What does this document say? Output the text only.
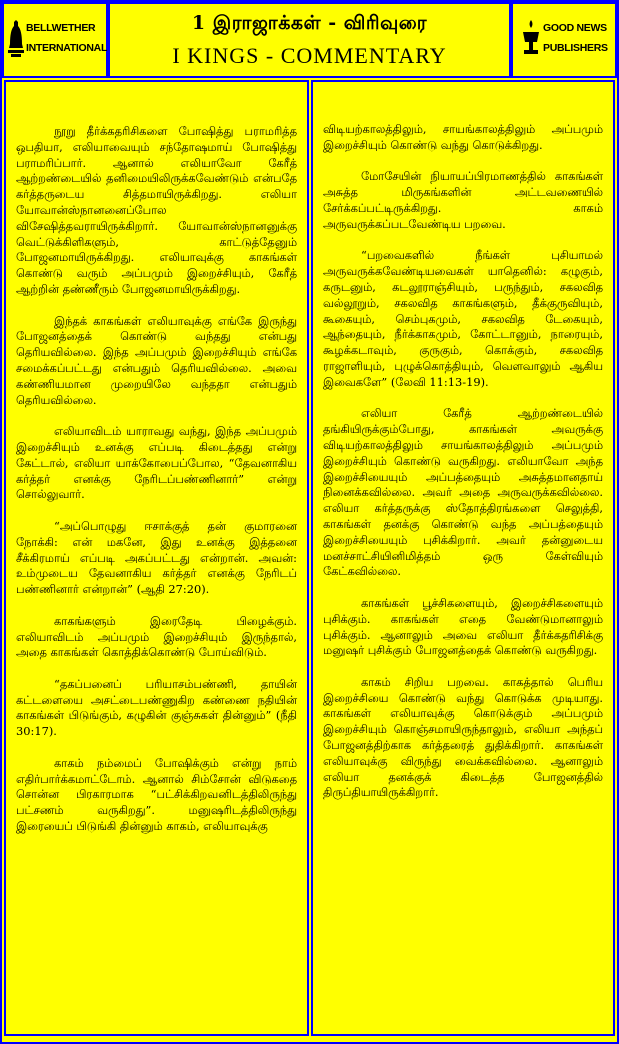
BELLWETHER
INTERNATIONAL
1 இராஜாக்கள் - விரிவுரை
I KINGS - COMMENTARY
GOOD NEWS
PUBLISHERS

நூறு தீர்க்கதரிசிகளை போஷித்து பராமரித்த ஒபதியா, எலியாவையும் சந்தோஷமாய் போஷித்து பராமரிப்பார். ஆனால் எலியாவோ கேரீத் ஆற்றண்டையில் தனிமையிலிருக்கவேண்டும் என்பதே கர்த்தருடைய சித்தமாயிருக்கிறது. எலியா யோவான்ஸ்நானனைப்போல விசேஷித்தவராயிருக்கிறார். யோவான்ஸ்நானனுக்கு வெட்டுக்கிளிகளும், காட்டுத்தேனும் போஜனமாயிருக்கிறது. எலியாவுக்கு காகங்கள் கொண்டு வரும் அப்பமும் இறைச்சியும், கேரீத் ஆற்றின் தண்ணீரும் போஜனமாயிருக்கிறது.

இந்தக் காகங்கள் எலியாவுக்கு எங்கே இருந்து போஜனத்தைக் கொண்டு வந்தது என்பது தெரியவில்லை. இந்த அப்பமும் இறைச்சியும் எங்கே சமைக்கப்பட்டது என்பதும் தெரியவில்லை. அவை கண்ணியமான முறையிலே வந்ததா என்பதும் தெரியவில்லை.

எலியாவிடம் யாராவது வந்து, இந்த அப்பமும் இறைச்சியும் உனக்கு எப்படி கிடைத்தது என்று கேட்டால், எலியா யாக்கோபைப்போல, “தேவனாகிய கர்த்தர் எனக்கு நேரிடப்பண்ணினார்” என்று சொல்லுவார்.

“அப்பொழுது ஈசாக்குத் தன் குமாரனை நோக்கி: என் மகனே, இது உனக்கு இத்தனை சீக்கிரமாய் எப்படி அகப்பட்டது என்றான். அவன்: உம்முடைய தேவனாகிய கர்த்தர் எனக்கு நேரிடப் பண்ணினார் என்றான்” (ஆதி 27:20).

காகங்களும் இரைதேடி பிழைக்கும். எலியாவிடம் அப்பமும் இறைச்சியும் இருந்தால், அதை காகங்கள் கொத்திக்கொண்டு போய்விடும்.

“தகப்பனைப் பரியாசம்பண்ணி, தாயின் கட்டளையை அசட்டைபண்ணுகிற கண்ணை நதியின் காகங்கள் பிடுங்கும், கழுகின் குஞ்சுகள் தின்னும்” (நீதி 30:17).

காகம் நம்மைப் போஷிக்கும் என்று நாம் எதிர்பார்க்கமாட்டோம். ஆனால் சிம்சோன் விடுகதை சொன்ன பிரகாரமாக “பட்சிக்கிறவனிடத்திலிருந்து பட்சணம் வருகிறது”. மனுஷரிடத்திலிருந்து இரையைப் பிடுங்கி தின்னும் காகம், எலியாவுக்கு

விடியற்காலத்திலும், சாயங்காலத்திலும் அப்பமும் இறைச்சியும் கொண்டு வந்து கொடுக்கிறது.

மோசேயின் நியாயப்பிரமாணத்தில் காகங்கள் அசுத்த மிருகங்களின் அட்டவணையில் சேர்க்கப்பட்டிருக்கிறது. காகம் அருவருக்கப்படவேண்டிய பறவை.

“பறவைகளில் நீங்கள் புசியாமல் அருவருக்கவேண்டியவைகள் யாதெனில்: கழுகும், கருடனும், கடலூராஞ்சியும், பருந்தும், சகலவித வல்லூறும், சகலவித காகங்களும், தீக்குருவியும், கூகையும், செம்புகமும், சகலவித டேகையும், ஆந்தையும், நீர்க்காகமும், கோட்டானும், நாரையும், கூழக்கடாவும், குருகும், கொக்கும், சகலவித ராஜாளியும், புழுக்கொத்தியும், வௌவாலும் ஆகிய இவைகளே” (லேவி 11:13-19).

எலியா கேரீத் ஆற்றண்டையில் தங்கியிருக்கும்போது, காகங்கள் அவருக்கு விடியற்காலத்திலும் சாயங்காலத்திலும் அப்பமும் இறைச்சியும் கொண்டு வருகிறது. எலியாவோ அந்த இறைச்சியையும் அப்பத்தையும் அசுத்தமானதாய் நினைக்கவில்லை. அவர் அதை அருவருக்கவில்லை. எலியா கர்த்தருக்கு ஸ்தோத்திரங்களை செலுத்தி, காகங்கள் தனக்கு கொண்டு வந்த அப்பத்தையும் இறைச்சியையும் புசிக்கிறார். அவர் தன்னுடைய மனச்சாட்சியினிமித்தம் ஒரு கேள்வியும் கேட்கவில்லை.

காகங்கள் பூச்சிகளையும், இறைச்சிகளையும் புசிக்கும். காகங்கள் எதை வேண்டுமானாலும் புசிக்கும். ஆனாலும் அவை எலியா தீர்க்கதரிசிக்கு மனுஷர் புசிக்கும் போஜனத்தைக் கொண்டு வருகிறது.

காகம் சிறிய பறவை. காகத்தால் பெரிய இறைச்சியை கொண்டு வந்து கொடுக்க முடியாது. காகங்கள் எலியாவுக்கு கொடுக்கும் அப்பமும் இறைச்சியும் கொஞ்சமாயிருந்தாலும், எலியா அந்தப் போஜனத்திற்காக கர்த்தரைத் துதிக்கிறார். காகங்கள் எலியாவுக்கு விருந்து வைக்கவில்லை. ஆனாலும் எலியா தனக்குக் கிடைத்த போஜனத்தில் திருப்தியாயிருக்கிறார்.
